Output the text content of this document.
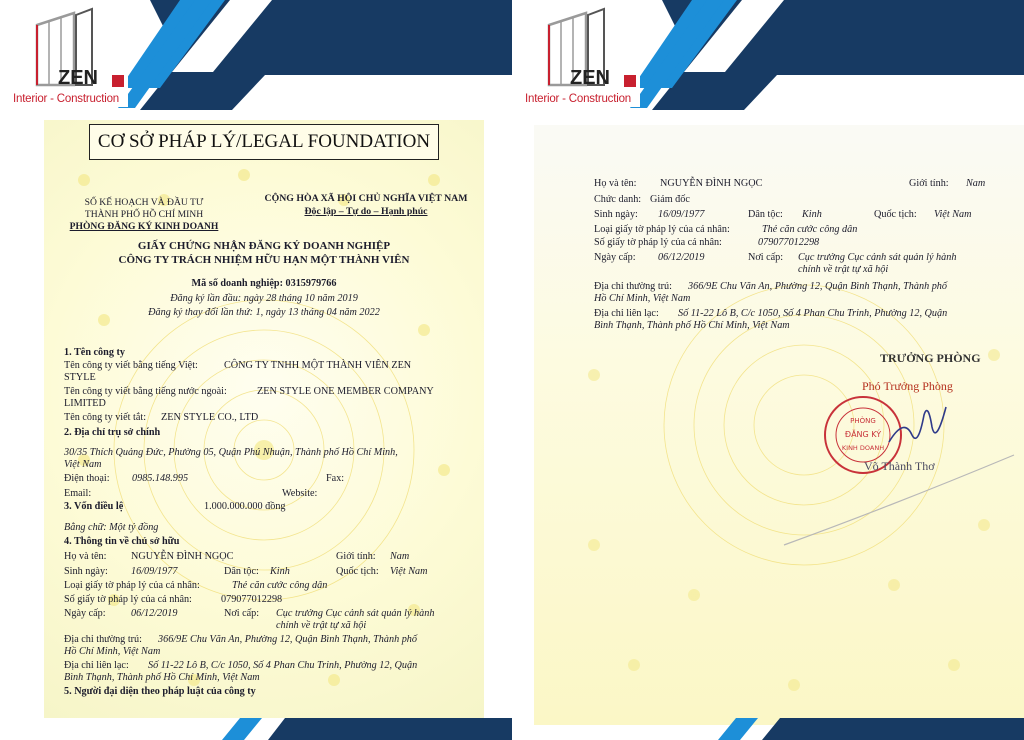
ZEN
Interior - Construction
CƠ SỞ PHÁP LÝ/LEGAL FOUNDATION
SỐ KẾ HOẠCH VÀ ĐẦU TƯ
THÀNH PHỐ HỒ CHÍ MINH
PHÒNG ĐĂNG KÝ KINH DOANH
CỘNG HÒA XÃ HỘI CHỦ NGHĨA VIỆT NAM
Độc lập – Tự do – Hạnh phúc
GIẤY CHỨNG NHẬN ĐĂNG KÝ DOANH NGHIỆP
CÔNG TY TRÁCH NHIỆM HỮU HẠN MỘT THÀNH VIÊN
Mã số doanh nghiệp: 0315979766
Đăng ký lần đầu: ngày 28 tháng 10 năm 2019
Đăng ký thay đổi lần thứ: 1, ngày 13 tháng 04 năm 2022
1. Tên công ty
Tên công ty viết bằng tiếng Việt:	CÔNG TY TNHH MỘT THÀNH VIÊN ZEN
STYLE
Tên công ty viết bằng tiếng nước ngoài:	ZEN STYLE ONE MEMBER COMPANY
LIMITED
Tên công ty viết tắt: ZEN STYLE CO., LTD
2. Địa chỉ trụ sở chính
30/35 Thích Quảng Đức, Phường 05, Quận Phú Nhuận, Thành phố Hồ Chí Minh,
Việt Nam
Điện thoại: 0985.148.995	Fax:
Email:	Website:
3. Vốn điều lệ	1.000.000.000 đồng
Bằng chữ: Một tỷ đồng
4. Thông tin về chủ sở hữu
Họ và tên: NGUYỄN ĐÌNH NGỌC	Giới tính: Nam
Sinh ngày: 16/09/1977	Dân tộc: Kinh	Quốc tịch: Việt Nam
Loại giấy tờ pháp lý của cá nhân:	Thẻ căn cước công dân
Số giấy tờ pháp lý của cá nhân:	079077012298
Ngày cấp: 06/12/2019	Nơi cấp: Cục trưởng Cục cảnh sát quản lý hành
chính về trật tự xã hội
Địa chỉ thường trú: 366/9E Chu Văn An, Phường 12, Quận Bình Thạnh, Thành phố
Hồ Chí Minh, Việt Nam
Địa chỉ liên lạc: Số 11-22 Lô B, C/c 1050, Số 4 Phan Chu Trinh, Phường 12, Quận
Bình Thạnh, Thành phố Hồ Chí Minh, Việt Nam
5. Người đại diện theo pháp luật của công ty
ZEN
Interior - Construction
Họ và tên: NGUYỄN ĐÌNH NGỌC	Giới tính: Nam
Chức danh: Giám đốc
Sinh ngày: 16/09/1977	Dân tộc: Kinh	Quốc tịch: Việt Nam
Loại giấy tờ pháp lý của cá nhân:	Thẻ căn cước công dân
Số giấy tờ pháp lý của cá nhân:	079077012298
Ngày cấp: 06/12/2019	Nơi cấp: Cục trưởng Cục cảnh sát quản lý hành
chính về trật tự xã hội
Địa chỉ thường trú: 366/9E Chu Văn An, Phường 12, Quận Bình Thạnh, Thành phố
Hồ Chí Minh, Việt Nam
Địa chỉ liên lạc: Số 11-22 Lô B, C/c 1050, Số 4 Phan Chu Trinh, Phường 12, Quận
Bình Thạnh, Thành phố Hồ Chí Minh, Việt Nam
TRƯỞNG PHÒNG
Phó Trưởng Phòng
PHÒNG
ĐĂNG KÝ
KINH DOANH
Võ Thành Thơ
